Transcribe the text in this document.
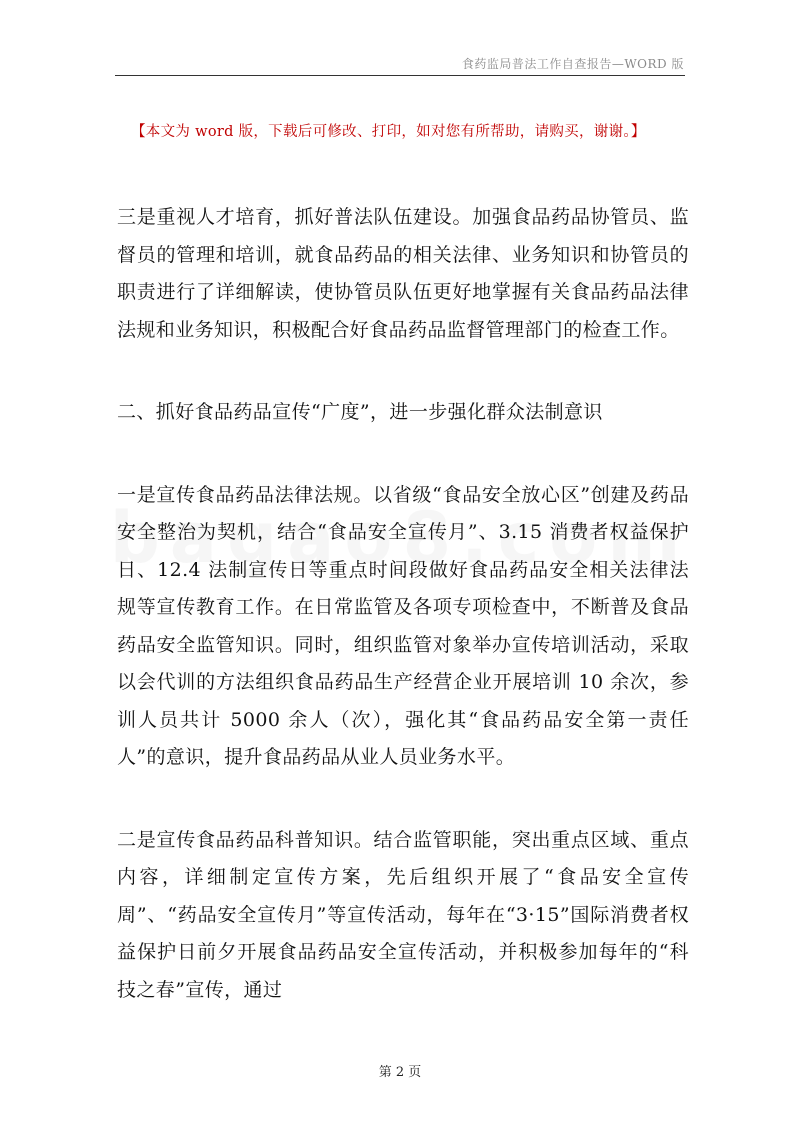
食药监局普法工作自查报告—WORD 版
【本文为 word 版，下载后可修改、打印，如对您有所帮助，请购买，谢谢。】

三是重视人才培育，抓好普法队伍建设。加强食品药品协管员、监督员的管理和培训，就食品药品的相关法律、业务知识和协管员的职责进行了详细解读，使协管员队伍更好地掌握有关食品药品法律法规和业务知识，积极配合好食品药品监督管理部门的检查工作。

二、抓好食品药品宣传“广度”，进一步强化群众法制意识

一是宣传食品药品法律法规。以省级“食品安全放心区”创建及药品安全整治为契机，结合“食品安全宣传月”、3.15 消费者权益保护日、12.4 法制宣传日等重点时间段做好食品药品安全相关法律法规等宣传教育工作。在日常监管及各项专项检查中，不断普及食品药品安全监管知识。同时，组织监管对象举办宣传培训活动，采取以会代训的方法组织食品药品生产经营企业开展培训 10 余次，参训人员共计 5000 余人（次），强化其“食品药品安全第一责任人”的意识，提升食品药品从业人员业务水平。

二是宣传食品药品科普知识。结合监管职能，突出重点区域、重点内容，详细制定宣传方案，先后组织开展了“食品安全宣传周”、“药品安全宣传月”等宣传活动，每年在“3·15”国际消费者权益保护日前夕开展食品药品安全宣传活动，并积极参加每年的“科技之春”宣传，通过

第 2 页
